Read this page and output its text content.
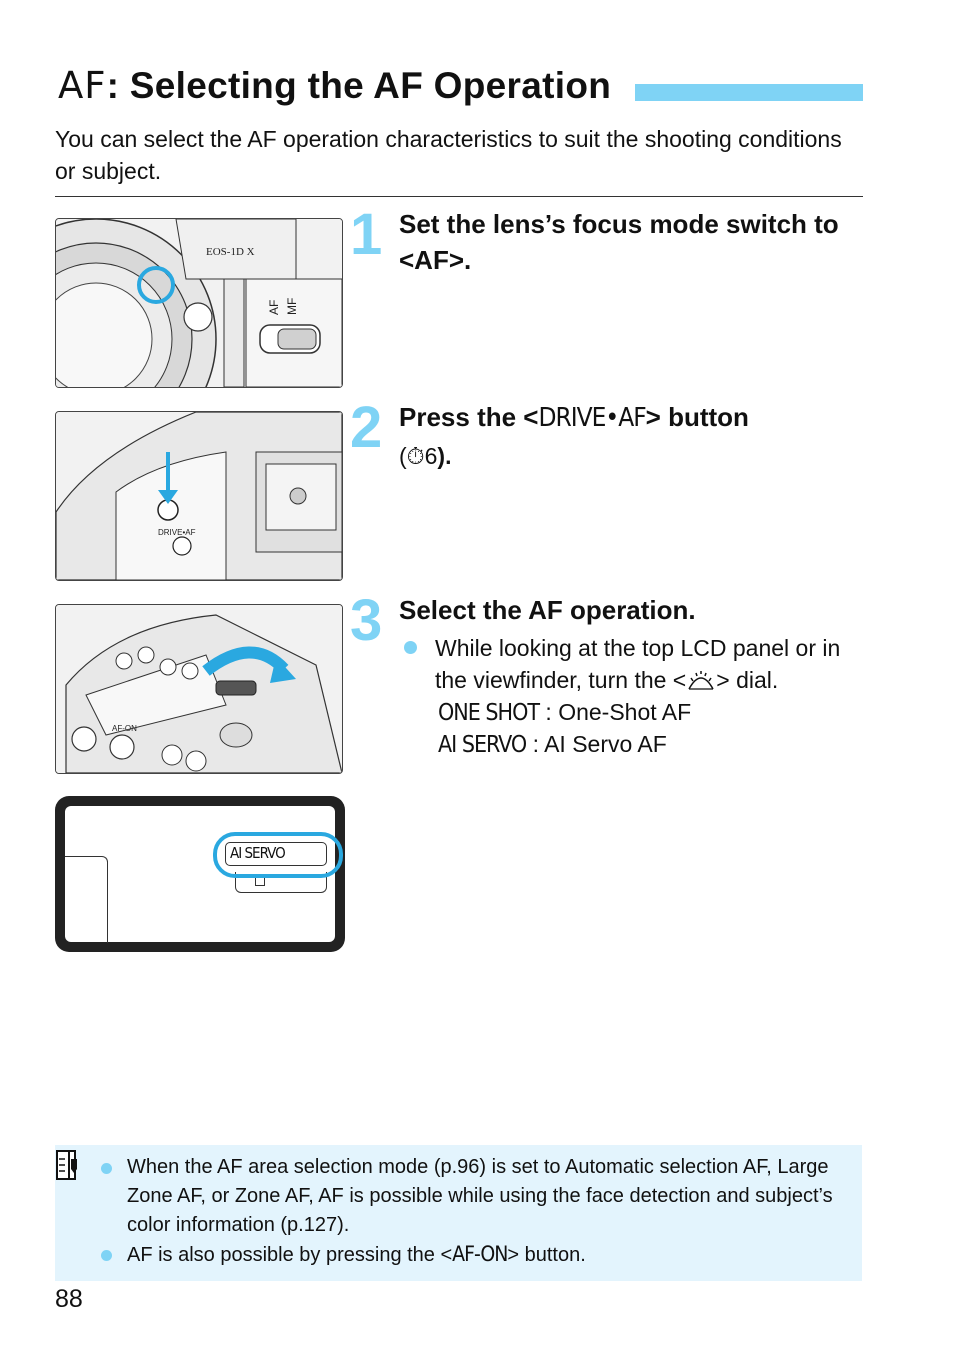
AF: Selecting the AF Operation
You can select the AF operation characteristics to suit the shooting conditions or subject.
EOS-1D X
AF MF
1 Set the lens’s focus mode switch to <AF>.
DRIVE•AF
2 Press the <DRIVE•AF> button
(⏱6).
AF-ON
3 Select the AF operation.
While looking at the top LCD panel or in the viewfinder, turn the < > dial.
ONE SHOT : One-Shot AF
AI SERVO : AI Servo AF
AI SERVO
When the AF area selection mode (p.96) is set to Automatic selection AF, Large Zone AF, or Zone AF, AF is possible while using the face detection and subject’s color information (p.127).
AF is also possible by pressing the <AF-ON> button.
88
